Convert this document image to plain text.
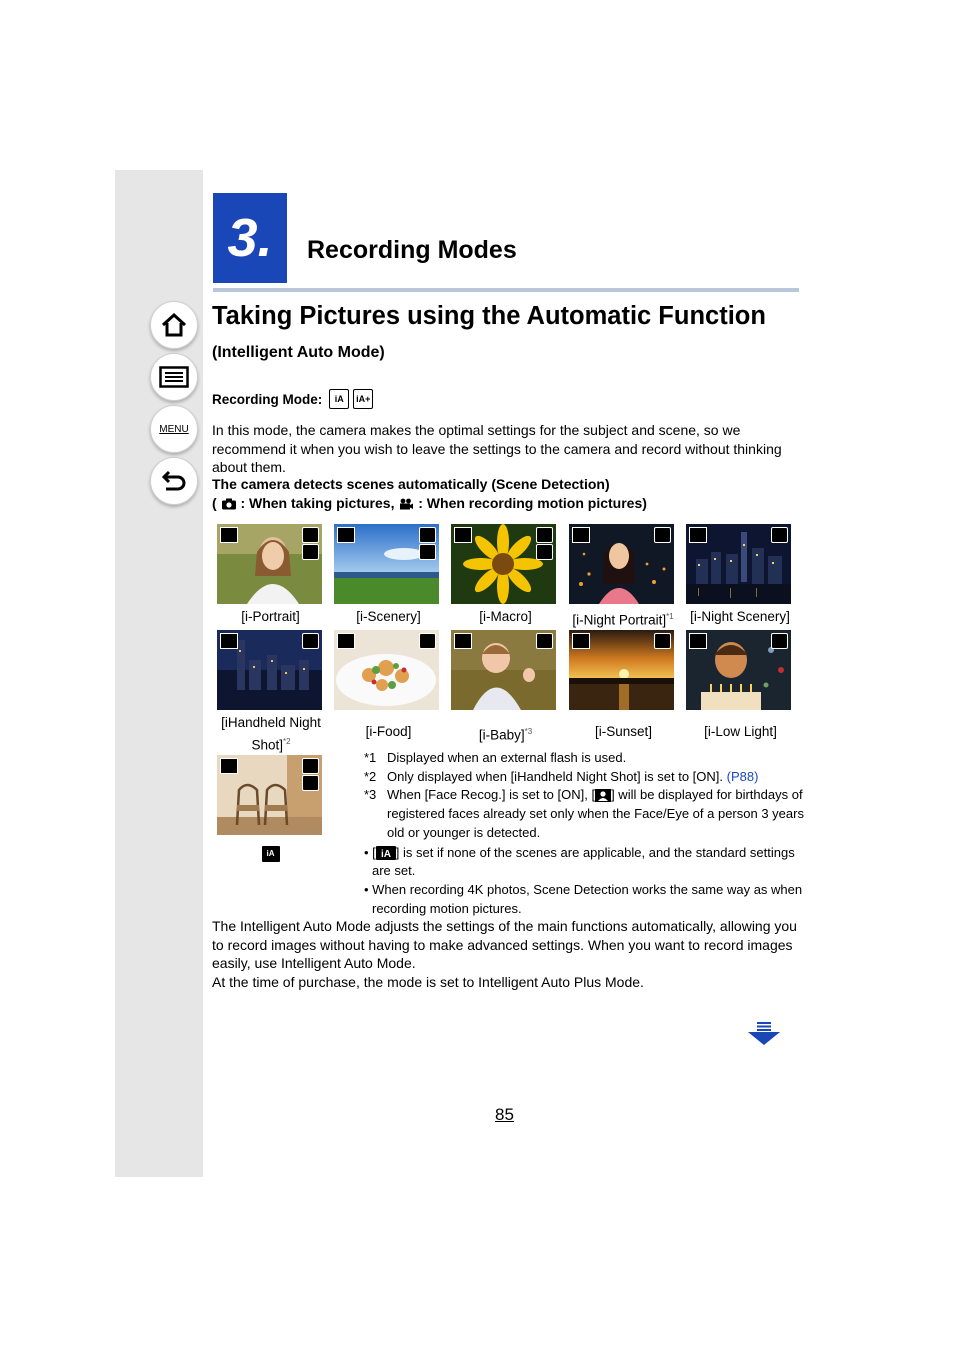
MENU
3.	Recording Modes
Taking Pictures using the Automatic Function
(Intelligent Auto Mode)
Recording Mode:	iA	iA+
In this mode, the camera makes the optimal settings for the subject and scene, so we recommend it when you wish to leave the settings to the camera and record without thinking about them.
The camera detects scenes automatically (Scene Detection)
( : When taking pictures, : When recording motion pictures)
[i-Portrait]	[i-Scenery]	[i-Macro]	[i-Night Portrait]$^{*1}$	[i-Night Scenery]
[iHandheld Night
Shot]$^{*2}$
[i-Food]	[i-Baby]$^{*3}$	[i-Sunset]	[i-Low Light]
iA
*1 Displayed when an external flash is used.
*2 Only displayed when [iHandheld Night Shot] is set to [ON]. (P88)
*3 When [Face Recog.] is set to [ON], [ ] will be displayed for birthdays of registered faces already set only when the Face/Eye of a person 3 years old or younger is detected.
• [ iA ] is set if none of the scenes are applicable, and the standard settings are set.
• When recording 4K photos, Scene Detection works the same way as when recording motion pictures.
The Intelligent Auto Mode adjusts the settings of the main functions automatically, allowing you to record images without having to make advanced settings. When you want to record images easily, use Intelligent Auto Mode.
At the time of purchase, the mode is set to Intelligent Auto Plus Mode.
85
